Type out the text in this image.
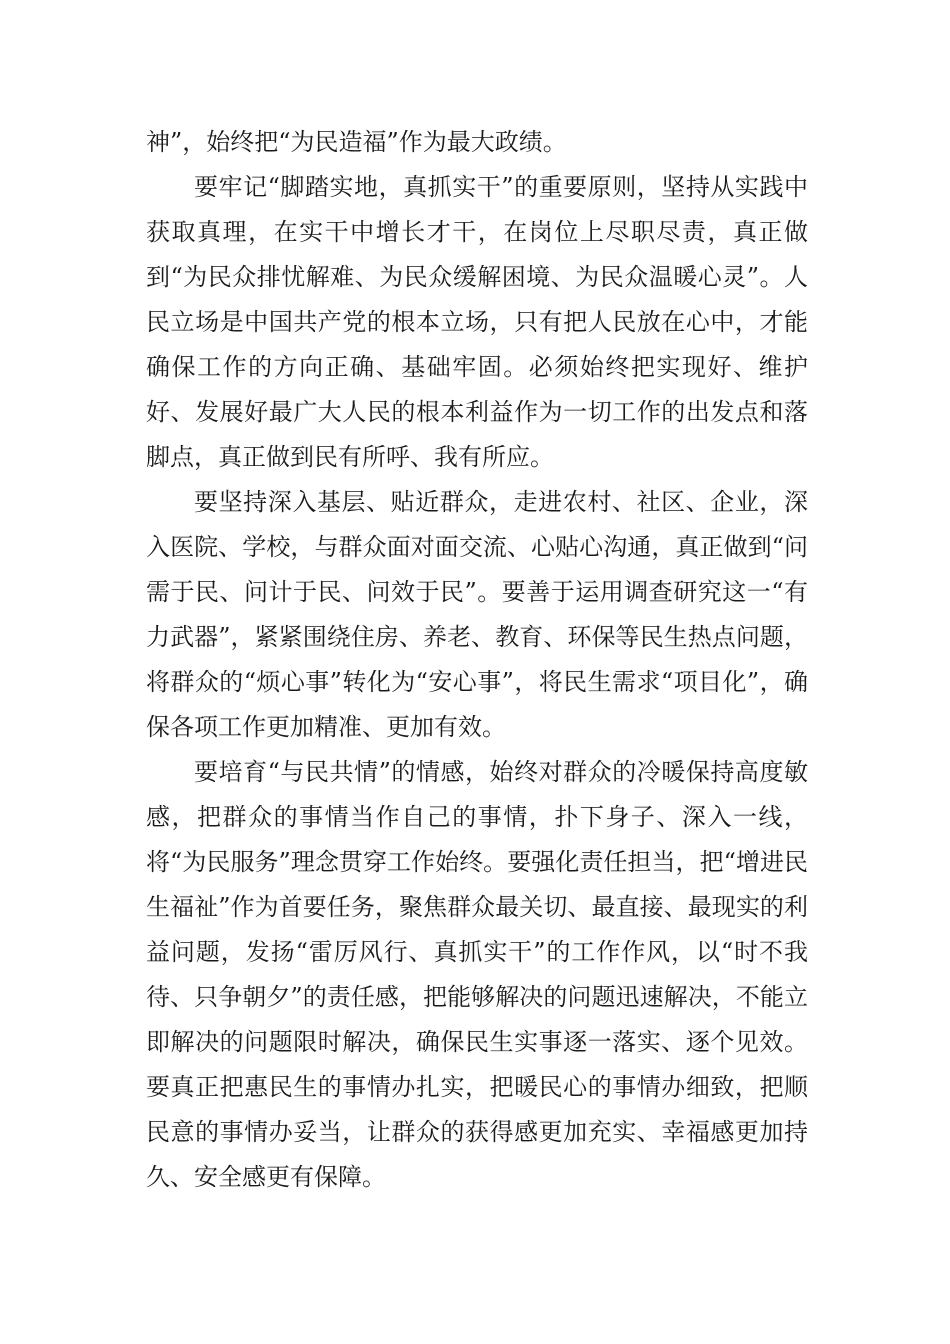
神”，始终把“为民造福”作为最大政绩。

要牢记“脚踏实地，真抓实干”的重要原则，坚持从实践中获取真理，在实干中增长才干，在岗位上尽职尽责，真正做到“为民众排忧解难、为民众缓解困境、为民众温暖心灵”。人民立场是中国共产党的根本立场，只有把人民放在心中，才能确保工作的方向正确、基础牢固。必须始终把实现好、维护好、发展好最广大人民的根本利益作为一切工作的出发点和落脚点，真正做到民有所呼、我有所应。

要坚持深入基层、贴近群众，走进农村、社区、企业，深入医院、学校，与群众面对面交流、心贴心沟通，真正做到“问需于民、问计于民、问效于民”。要善于运用调查研究这一“有力武器”，紧紧围绕住房、养老、教育、环保等民生热点问题，将群众的“烦心事”转化为“安心事”，将民生需求“项目化”，确保各项工作更加精准、更加有效。

要培育“与民共情”的情感，始终对群众的冷暖保持高度敏感，把群众的事情当作自己的事情，扑下身子、深入一线，将“为民服务”理念贯穿工作始终。要强化责任担当，把“增进民生福祉”作为首要任务，聚焦群众最关切、最直接、最现实的利益问题，发扬“雷厉风行、真抓实干”的工作作风，以“时不我待、只争朝夕”的责任感，把能够解决的问题迅速解决，不能立即解决的问题限时解决，确保民生实事逐一落实、逐个见效。要真正把惠民生的事情办扎实，把暖民心的事情办细致，把顺民意的事情办妥当，让群众的获得感更加充实、幸福感更加持久、安全感更有保障。
